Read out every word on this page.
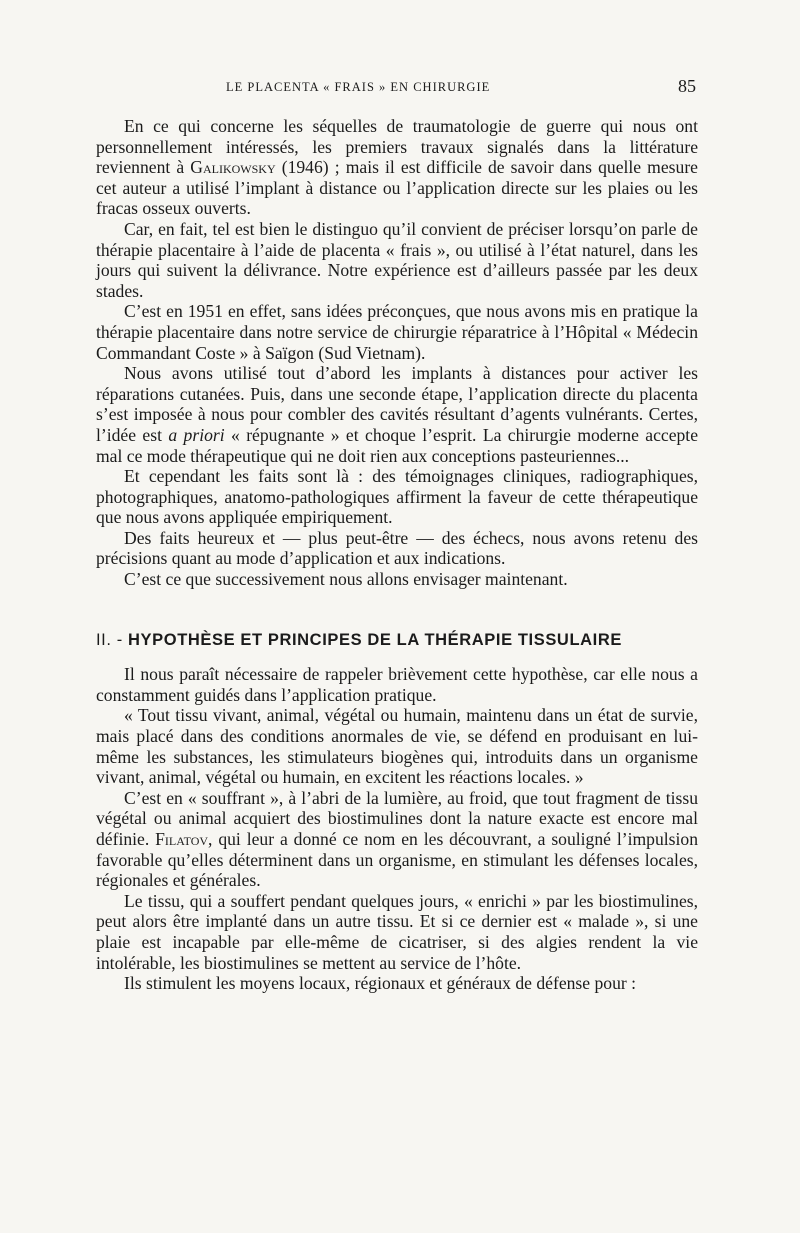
LE PLACENTA « FRAIS » EN CHIRURGIE	85

En ce qui concerne les séquelles de traumatologie de guerre qui nous ont personnellement intéressés, les premiers travaux signalés dans la littérature reviennent à Galikowsky (1946) ; mais il est difficile de savoir dans quelle mesure cet auteur a utilisé l’implant à distance ou l’application directe sur les plaies ou les fracas osseux ouverts.

Car, en fait, tel est bien le distinguo qu’il convient de préciser lorsqu’on parle de thérapie placentaire à l’aide de placenta « frais », ou utilisé à l’état naturel, dans les jours qui suivent la délivrance. Notre expérience est d’ailleurs passée par les deux stades.

C’est en 1951 en effet, sans idées préconçues, que nous avons mis en pratique la thérapie placentaire dans notre service de chirurgie réparatrice à l’Hôpital « Médecin Commandant Coste » à Saïgon (Sud Vietnam).

Nous avons utilisé tout d’abord les implants à distances pour activer les réparations cutanées. Puis, dans une seconde étape, l’application directe du placenta s’est imposée à nous pour combler des cavités résultant d’agents vulnérants. Certes, l’idée est a priori « répugnante » et choque l’esprit. La chirurgie moderne accepte mal ce mode thérapeutique qui ne doit rien aux conceptions pasteuriennes...

Et cependant les faits sont là : des témoignages cliniques, radiographiques, photographiques, anatomo-pathologiques affirment la faveur de cette thérapeutique que nous avons appliquée empiriquement.

Des faits heureux et — plus peut-être — des échecs, nous avons retenu des précisions quant au mode d’application et aux indications.

C’est ce que successivement nous allons envisager maintenant.

II. - HYPOTHÈSE ET PRINCIPES DE LA THÉRAPIE TISSULAIRE

Il nous paraît nécessaire de rappeler brièvement cette hypothèse, car elle nous a constamment guidés dans l’application pratique.

« Tout tissu vivant, animal, végétal ou humain, maintenu dans un état de survie, mais placé dans des conditions anormales de vie, se défend en produisant en lui-même les substances, les stimulateurs biogènes qui, introduits dans un organisme vivant, animal, végétal ou humain, en excitent les réactions locales. »

C’est en « souffrant », à l’abri de la lumière, au froid, que tout fragment de tissu végétal ou animal acquiert des biostimulines dont la nature exacte est encore mal définie. Filatov, qui leur a donné ce nom en les découvrant, a souligné l’impulsion favorable qu’elles déterminent dans un organisme, en stimulant les défenses locales, régionales et générales.

Le tissu, qui a souffert pendant quelques jours, « enrichi » par les biostimulines, peut alors être implanté dans un autre tissu. Et si ce dernier est « malade », si une plaie est incapable par elle-même de cicatriser, si des algies rendent la vie intolérable, les biostimulines se mettent au service de l’hôte.

Ils stimulent les moyens locaux, régionaux et généraux de défense pour :
